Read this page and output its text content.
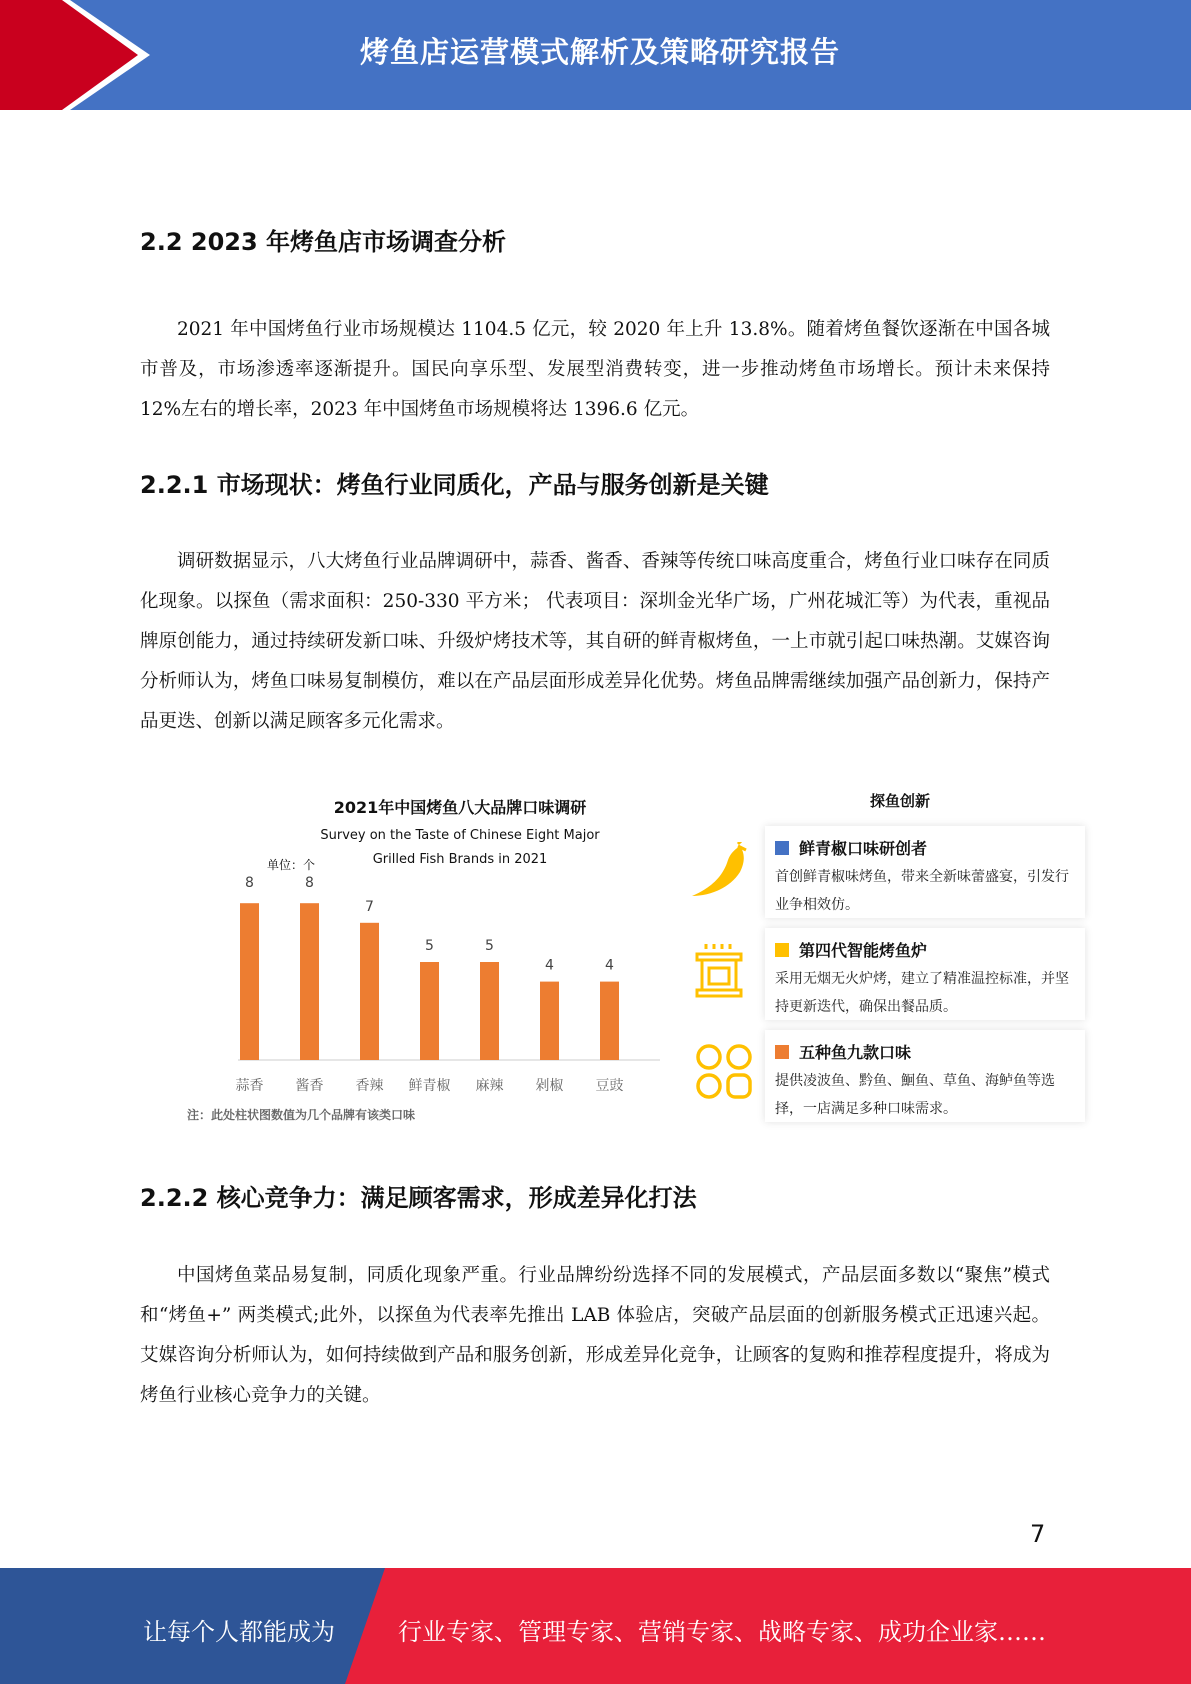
烤鱼店运营模式解析及策略研究报告
2.2 2023 年烤鱼店市场调查分析

2021 年中国烤鱼行业市场规模达 1104.5 亿元，较 2020 年上升 13.8%。随着烤鱼餐饮逐渐在中国各城市普及，市场渗透率逐渐提升。国民向享乐型、发展型消费转变，进一步推动烤鱼市场增长。预计未来保持 12%左右的增长率，2023 年中国烤鱼市场规模将达 1396.6 亿元。

2.2.1 市场现状：烤鱼行业同质化，产品与服务创新是关键

调研数据显示，八大烤鱼行业品牌调研中，蒜香、酱香、香辣等传统口味高度重合，烤鱼行业口味存在同质化现象。以探鱼（需求面积：250-330 平方米； 代表项目：深圳金光华广场，广州花城汇等）为代表，重视品牌原创能力，通过持续研发新口味、升级炉烤技术等，其自研的鲜青椒烤鱼，一上市就引起口味热潮。艾媒咨询分析师认为，烤鱼口味易复制模仿，难以在产品层面形成差异化优势。烤鱼品牌需继续加强产品创新力，保持产品更迭、创新以满足顾客多元化需求。

2021年中国烤鱼八大品牌口味调研
Survey on the Taste of Chinese Eight Major
Grilled Fish Brands in 2021
单位：个
8
蒜香
8
酱香
7
香辣
5
鲜青椒
5
麻辣
4
剁椒
4
豆豉
注：此处柱状图数值为几个品牌有该类口味
探鱼创新
鲜青椒口味研创者
首创鲜青椒味烤鱼，带来全新味蕾盛宴，引发行业争相效仿。
第四代智能烤鱼炉
采用无烟无火炉烤，建立了精准温控标准，并坚持更新迭代，确保出餐品质。
五种鱼九款口味
提供凌波鱼、黔鱼、鮰鱼、草鱼、海鲈鱼等选择，一店满足多种口味需求。
2.2.2 核心竞争力：满足顾客需求，形成差异化打法

中国烤鱼菜品易复制，同质化现象严重。行业品牌纷纷选择不同的发展模式，产品层面多数以“聚焦”模式 和“烤鱼+” 两类模式;此外，以探鱼为代表率先推出 LAB 体验店，突破产品层面的创新服务模式正迅速兴起。艾媒咨询分析师认为，如何持续做到产品和服务创新，形成差异化竞争，让顾客的复购和推荐程度提升，将成为烤鱼行业核心竞争力的关键。

7
让每个人都能成为	行业专家、管理专家、营销专家、战略专家、成功企业家……
